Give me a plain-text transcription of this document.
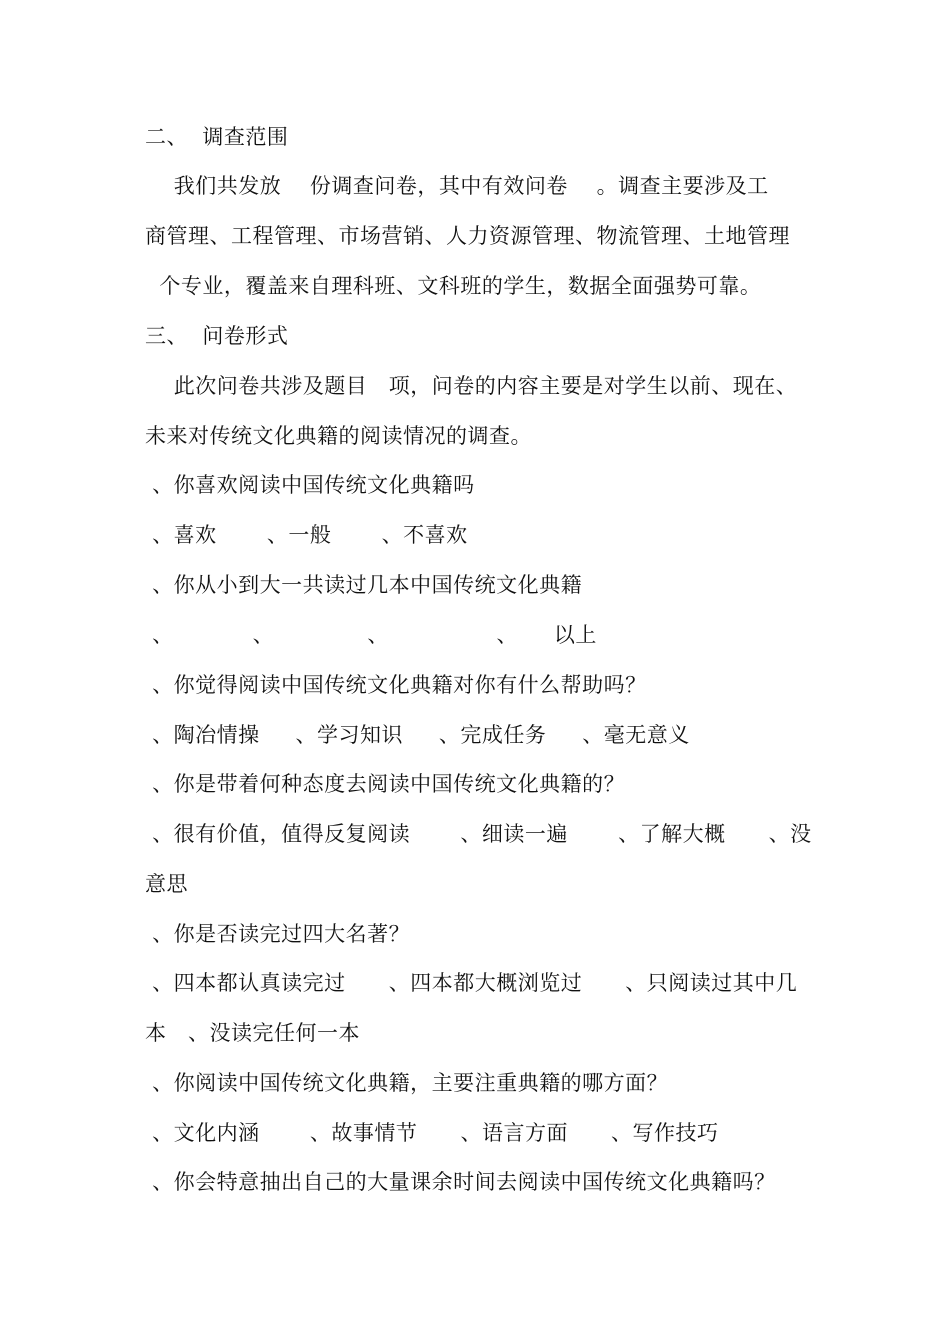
二、  调查范围
我们共发放    份调查问卷，其中有效问卷    。调查主要涉及工
商管理、工程管理、市场营销、人力资源管理、物流管理、土地管理
个专业，覆盖来自理科班、文科班的学生，数据全面强势可靠。
三、  问卷形式
此次问卷共涉及题目   项，问卷的内容主要是对学生以前、现在、
未来对传统文化典籍的阅读情况的调查。
、你喜欢阅读中国传统文化典籍吗
、喜欢       、一般       、不喜欢
、你从小到大一共读过几本中国传统文化典籍
、           、             、               、     以上
、你觉得阅读中国传统文化典籍对你有什么帮助吗？
、陶冶情操     、学习知识     、完成任务     、毫无意义
、你是带着何种态度去阅读中国传统文化典籍的？
、很有价值，值得反复阅读       、细读一遍       、了解大概      、没
意思
、你是否读完过四大名著？
、四本都认真读完过      、四本都大概浏览过      、只阅读过其中几
本   、没读完任何一本
、你阅读中国传统文化典籍，主要注重典籍的哪方面？
、文化内涵       、故事情节      、语言方面      、写作技巧
、你会特意抽出自己的大量课余时间去阅读中国传统文化典籍吗？
